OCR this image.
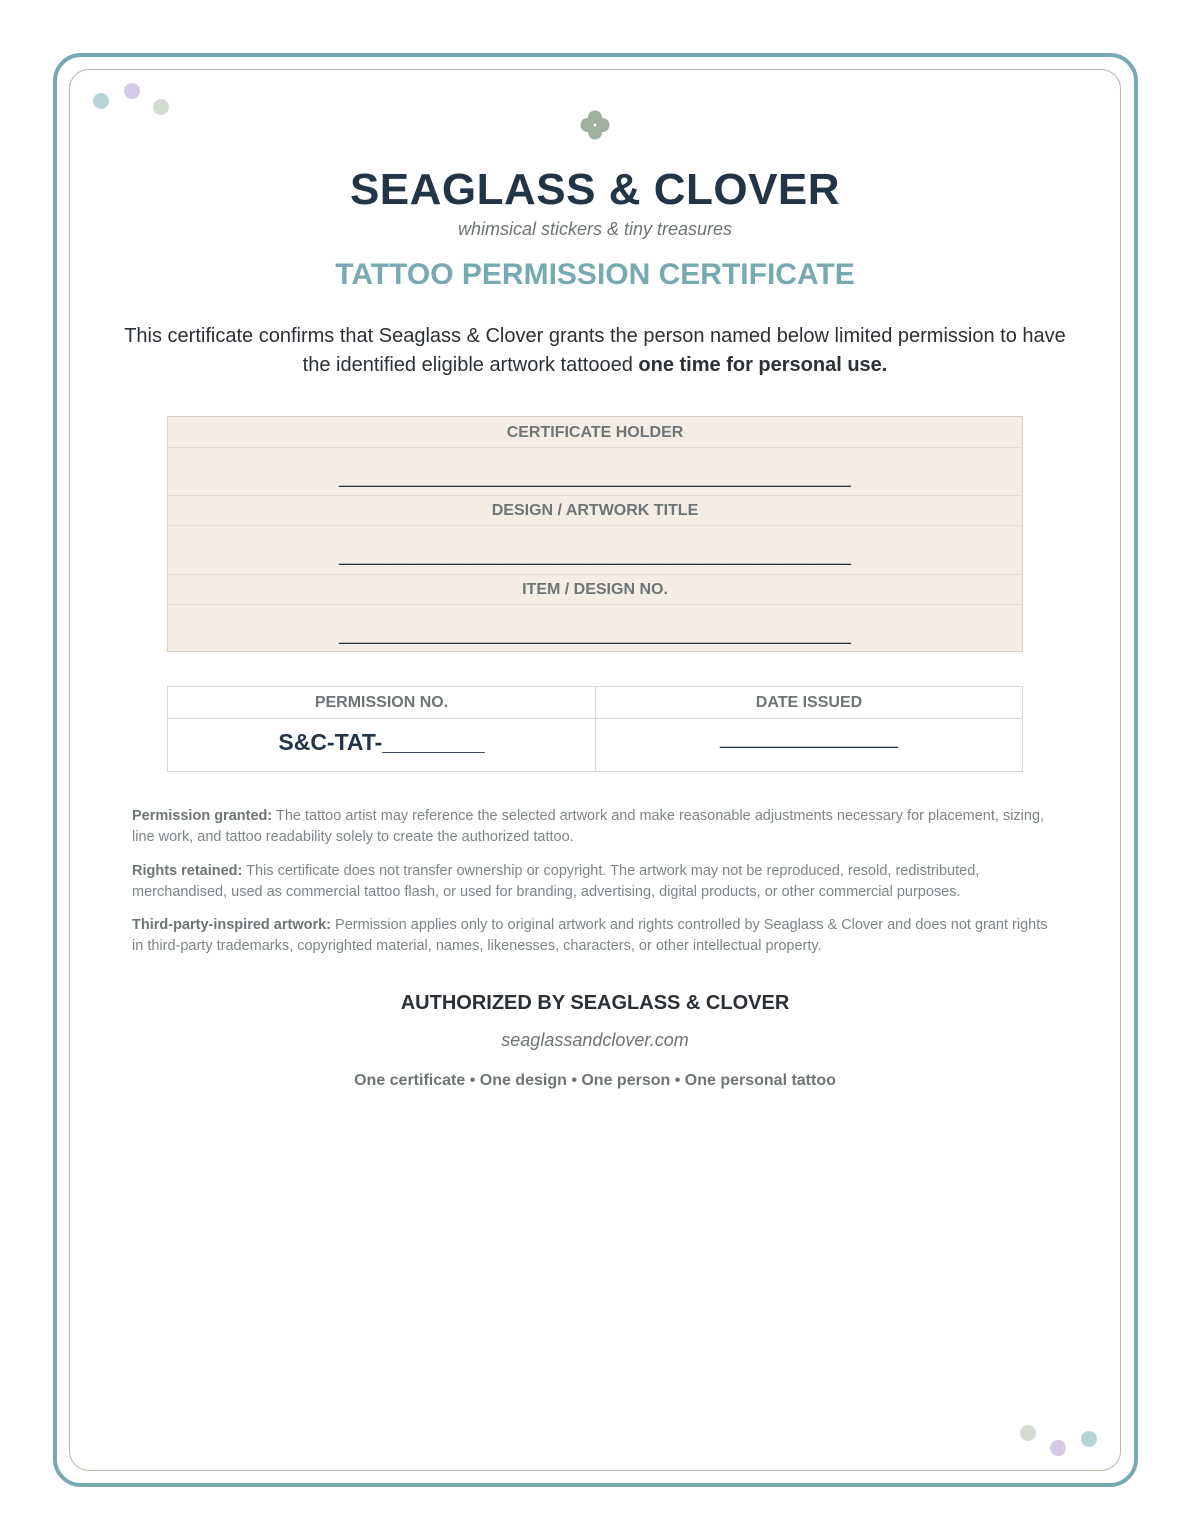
SEAGLASS & CLOVER
whimsical stickers & tiny treasures
TATTOO PERMISSION CERTIFICATE
This certificate confirms that Seaglass & Clover grants the person named below limited permission to have the identified eligible artwork tattooed one time for personal use.
CERTIFICATE HOLDER
______________________________________________
DESIGN / ARTWORK TITLE
______________________________________________
ITEM / DESIGN NO.
______________________________________________
PERMISSION NO.
S&C-TAT-________
DATE ISSUED
________________
Permission granted: The tattoo artist may reference the selected artwork and make reasonable adjustments necessary for placement, sizing, line work, and tattoo readability solely to create the authorized tattoo.
Rights retained: This certificate does not transfer ownership or copyright. The artwork may not be reproduced, resold, redistributed, merchandised, used as commercial tattoo flash, or used for branding, advertising, digital products, or other commercial purposes.
Third-party-inspired artwork: Permission applies only to original artwork and rights controlled by Seaglass & Clover and does not grant rights in third-party trademarks, copyrighted material, names, likenesses, characters, or other intellectual property.
AUTHORIZED BY SEAGLASS & CLOVER
seaglassandclover.com
One certificate • One design • One person • One personal tattoo
